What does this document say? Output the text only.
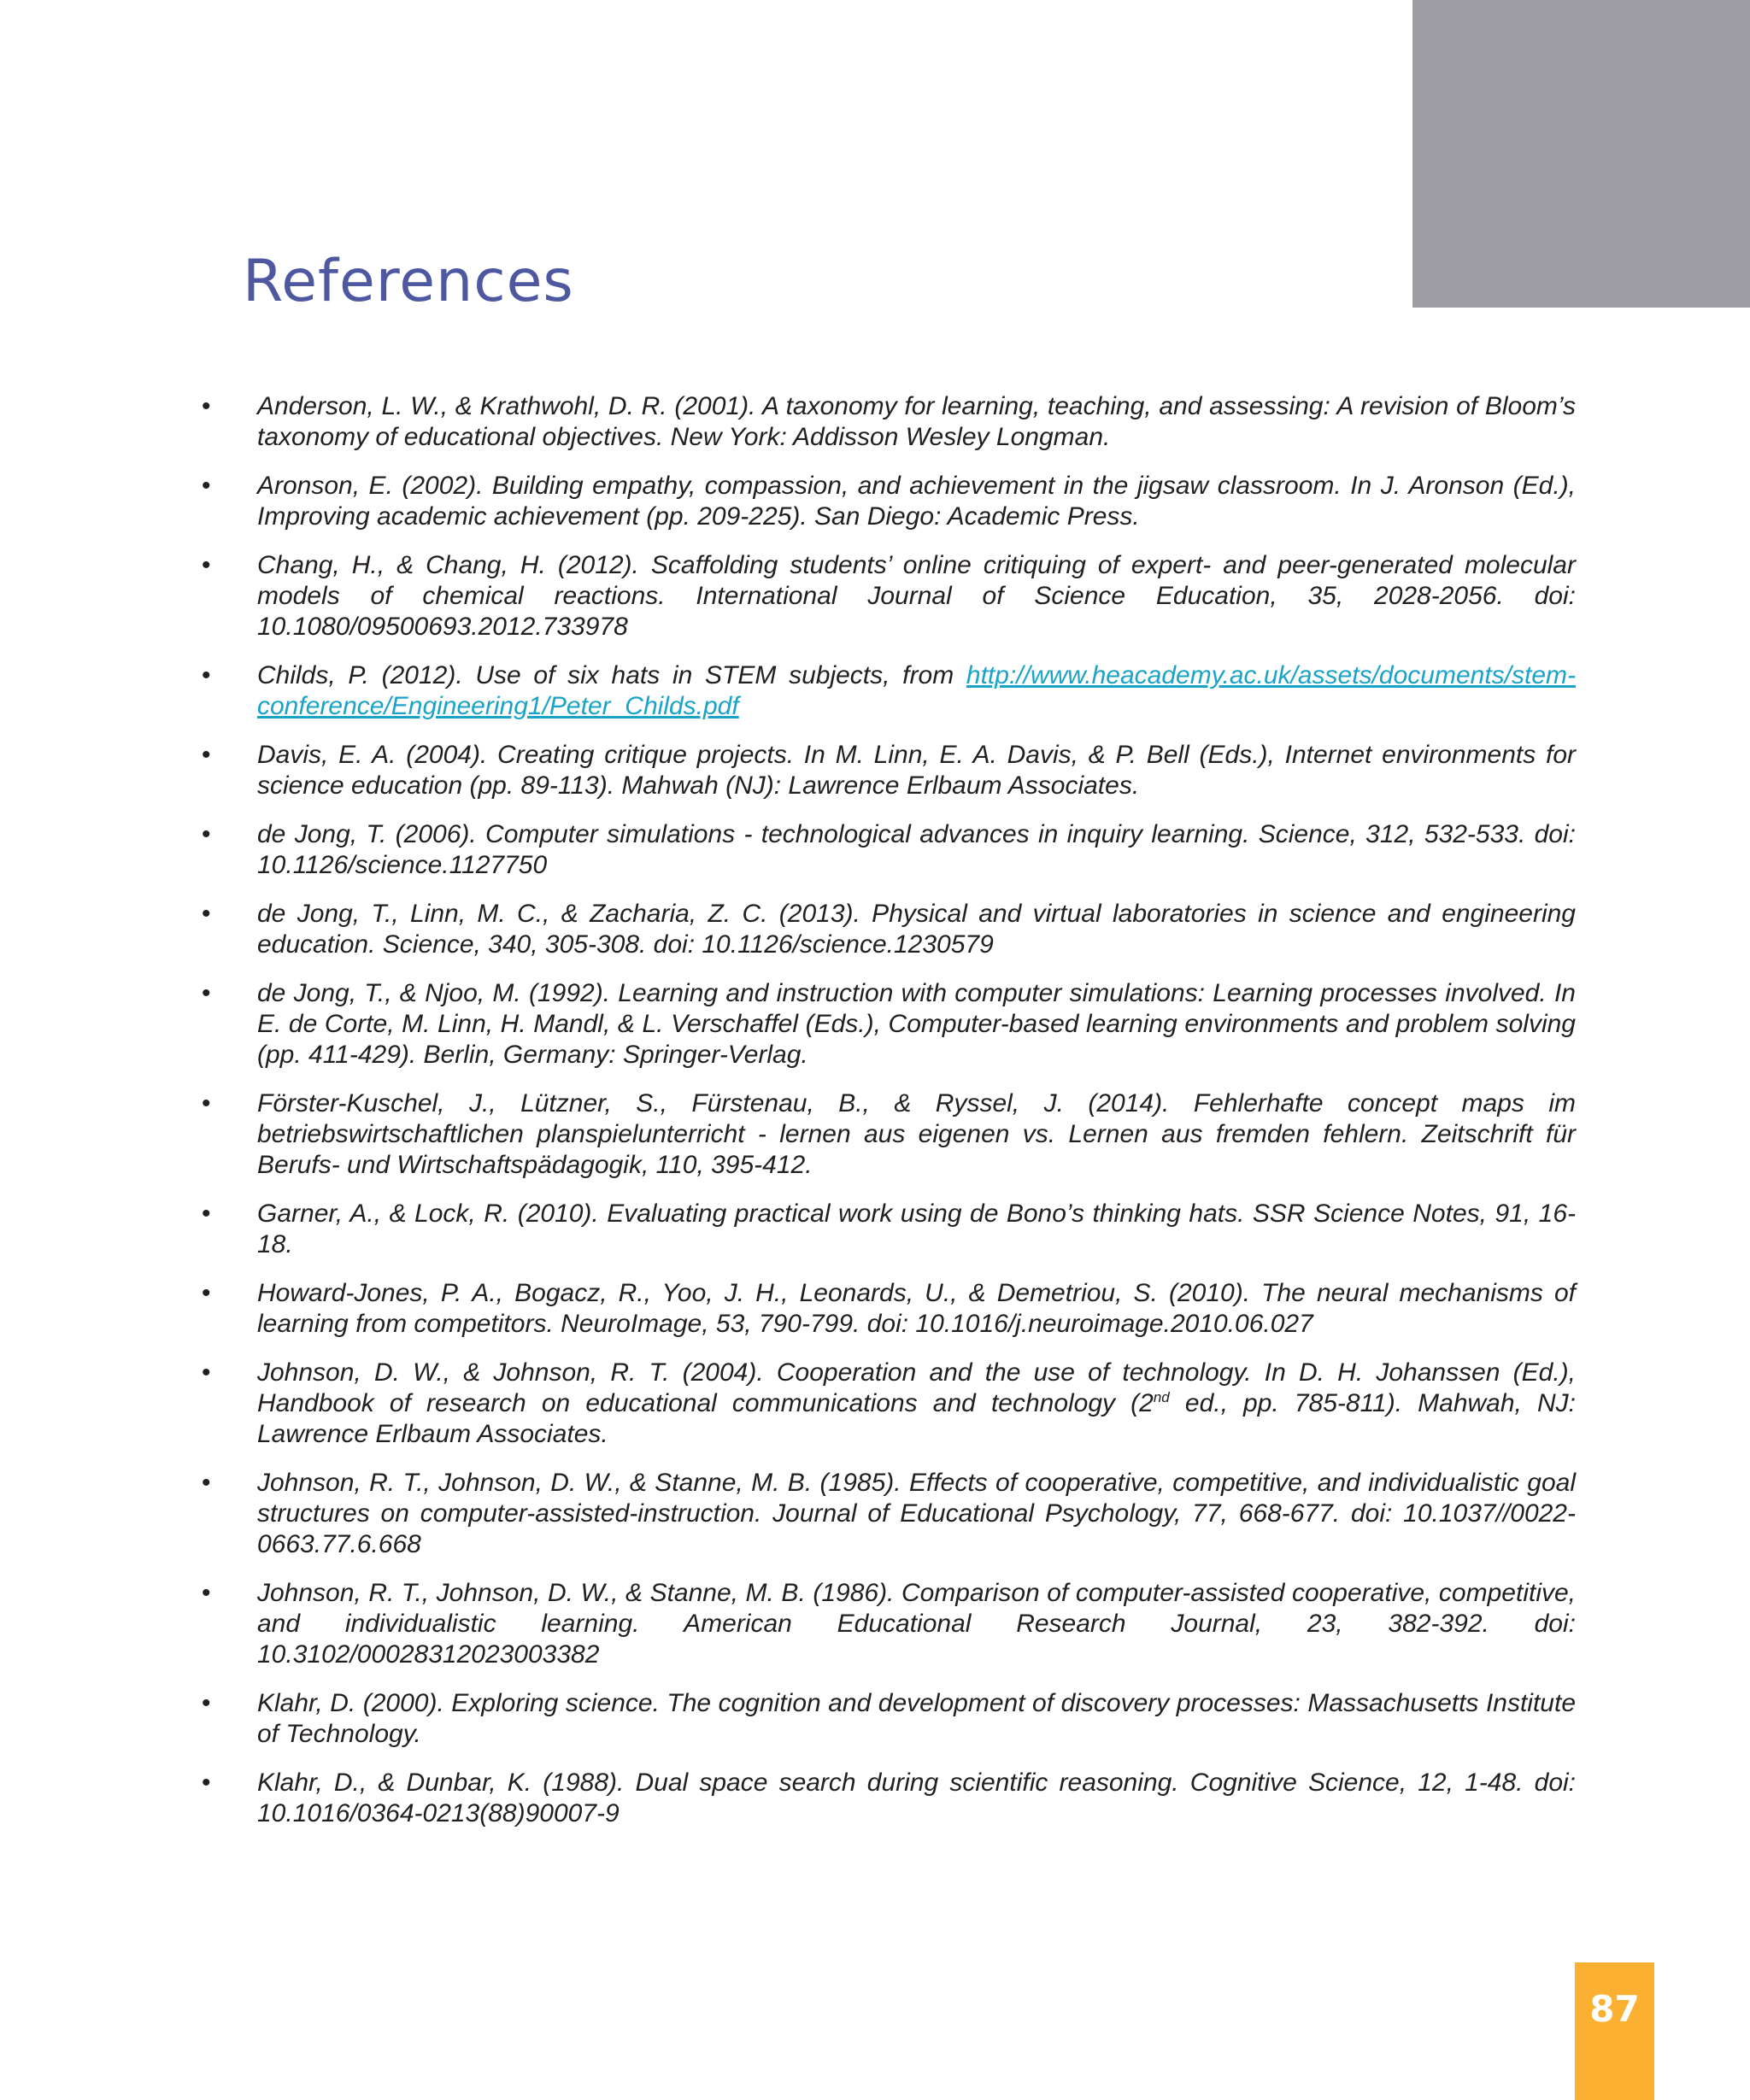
References
• Anderson, L. W., & Krathwohl, D. R. (2001). A taxonomy for learning, teaching, and assessing: A revision of Bloom’s taxonomy of educational objectives. New York: Addisson Wesley Longman.
• Aronson, E. (2002). Building empathy, compassion, and achievement in the jigsaw classroom. In J. Aronson (Ed.), Improving academic achievement (pp. 209-225). San Diego: Academic Press.
• Chang, H., & Chang, H. (2012). Scaffolding students’ online critiquing of expert- and peer-generated molecular models of chemical reactions. International Journal of Science Education, 35, 2028-2056. doi: 10.1080/09500693.2012.733978
• Childs, P. (2012). Use of six hats in STEM subjects, from http://www.heacademy.ac.uk/assets/documents/stem-conference/Engineering1/Peter_Childs.pdf
• Davis, E. A. (2004). Creating critique projects. In M. Linn, E. A. Davis, & P. Bell (Eds.), Internet environments for science education (pp. 89-113). Mahwah (NJ): Lawrence Erlbaum Associates.
• de Jong, T. (2006). Computer simulations - technological advances in inquiry learning. Science, 312, 532-533. doi: 10.1126/science.1127750
• de Jong, T., Linn, M. C., & Zacharia, Z. C. (2013). Physical and virtual laboratories in science and engineering education. Science, 340, 305-308. doi: 10.1126/science.1230579
• de Jong, T., & Njoo, M. (1992). Learning and instruction with computer simulations: Learning processes involved. In E. de Corte, M. Linn, H. Mandl, & L. Verschaffel (Eds.), Computer-based learning environments and problem solving (pp. 411-429). Berlin, Germany: Springer-Verlag.
• Förster-Kuschel, J., Lützner, S., Fürstenau, B., & Ryssel, J. (2014). Fehlerhafte concept maps im betriebswirtschaftlichen planspielunterricht - lernen aus eigenen vs. Lernen aus fremden fehlern. Zeitschrift für Berufs- und Wirtschaftspädagogik, 110, 395-412.
• Garner, A., & Lock, R. (2010). Evaluating practical work using de Bono’s thinking hats. SSR Science Notes, 91, 16-18.
• Howard-Jones, P. A., Bogacz, R., Yoo, J. H., Leonards, U., & Demetriou, S. (2010). The neural mechanisms of learning from competitors. NeuroImage, 53, 790-799. doi: 10.1016/j.neuroimage.2010.06.027
• Johnson, D. W., & Johnson, R. T. (2004). Cooperation and the use of technology. In D. H. Johanssen (Ed.), Handbook of research on educational communications and technology (2nd ed., pp. 785-811). Mahwah, NJ: Lawrence Erlbaum Associates.
• Johnson, R. T., Johnson, D. W., & Stanne, M. B. (1985). Effects of cooperative, competitive, and individualistic goal structures on computer-assisted-instruction. Journal of Educational Psychology, 77, 668-677. doi: 10.1037//0022-0663.77.6.668
• Johnson, R. T., Johnson, D. W., & Stanne, M. B. (1986). Comparison of computer-assisted cooperative, competitive, and individualistic learning. American Educational Research Journal, 23, 382-392. doi: 10.3102/00028312023003382
• Klahr, D. (2000). Exploring science. The cognition and development of discovery processes: Massachusetts Institute of Technology.
• Klahr, D., & Dunbar, K. (1988). Dual space search during scientific reasoning. Cognitive Science, 12, 1-48. doi: 10.1016/0364-0213(88)90007-9
87
